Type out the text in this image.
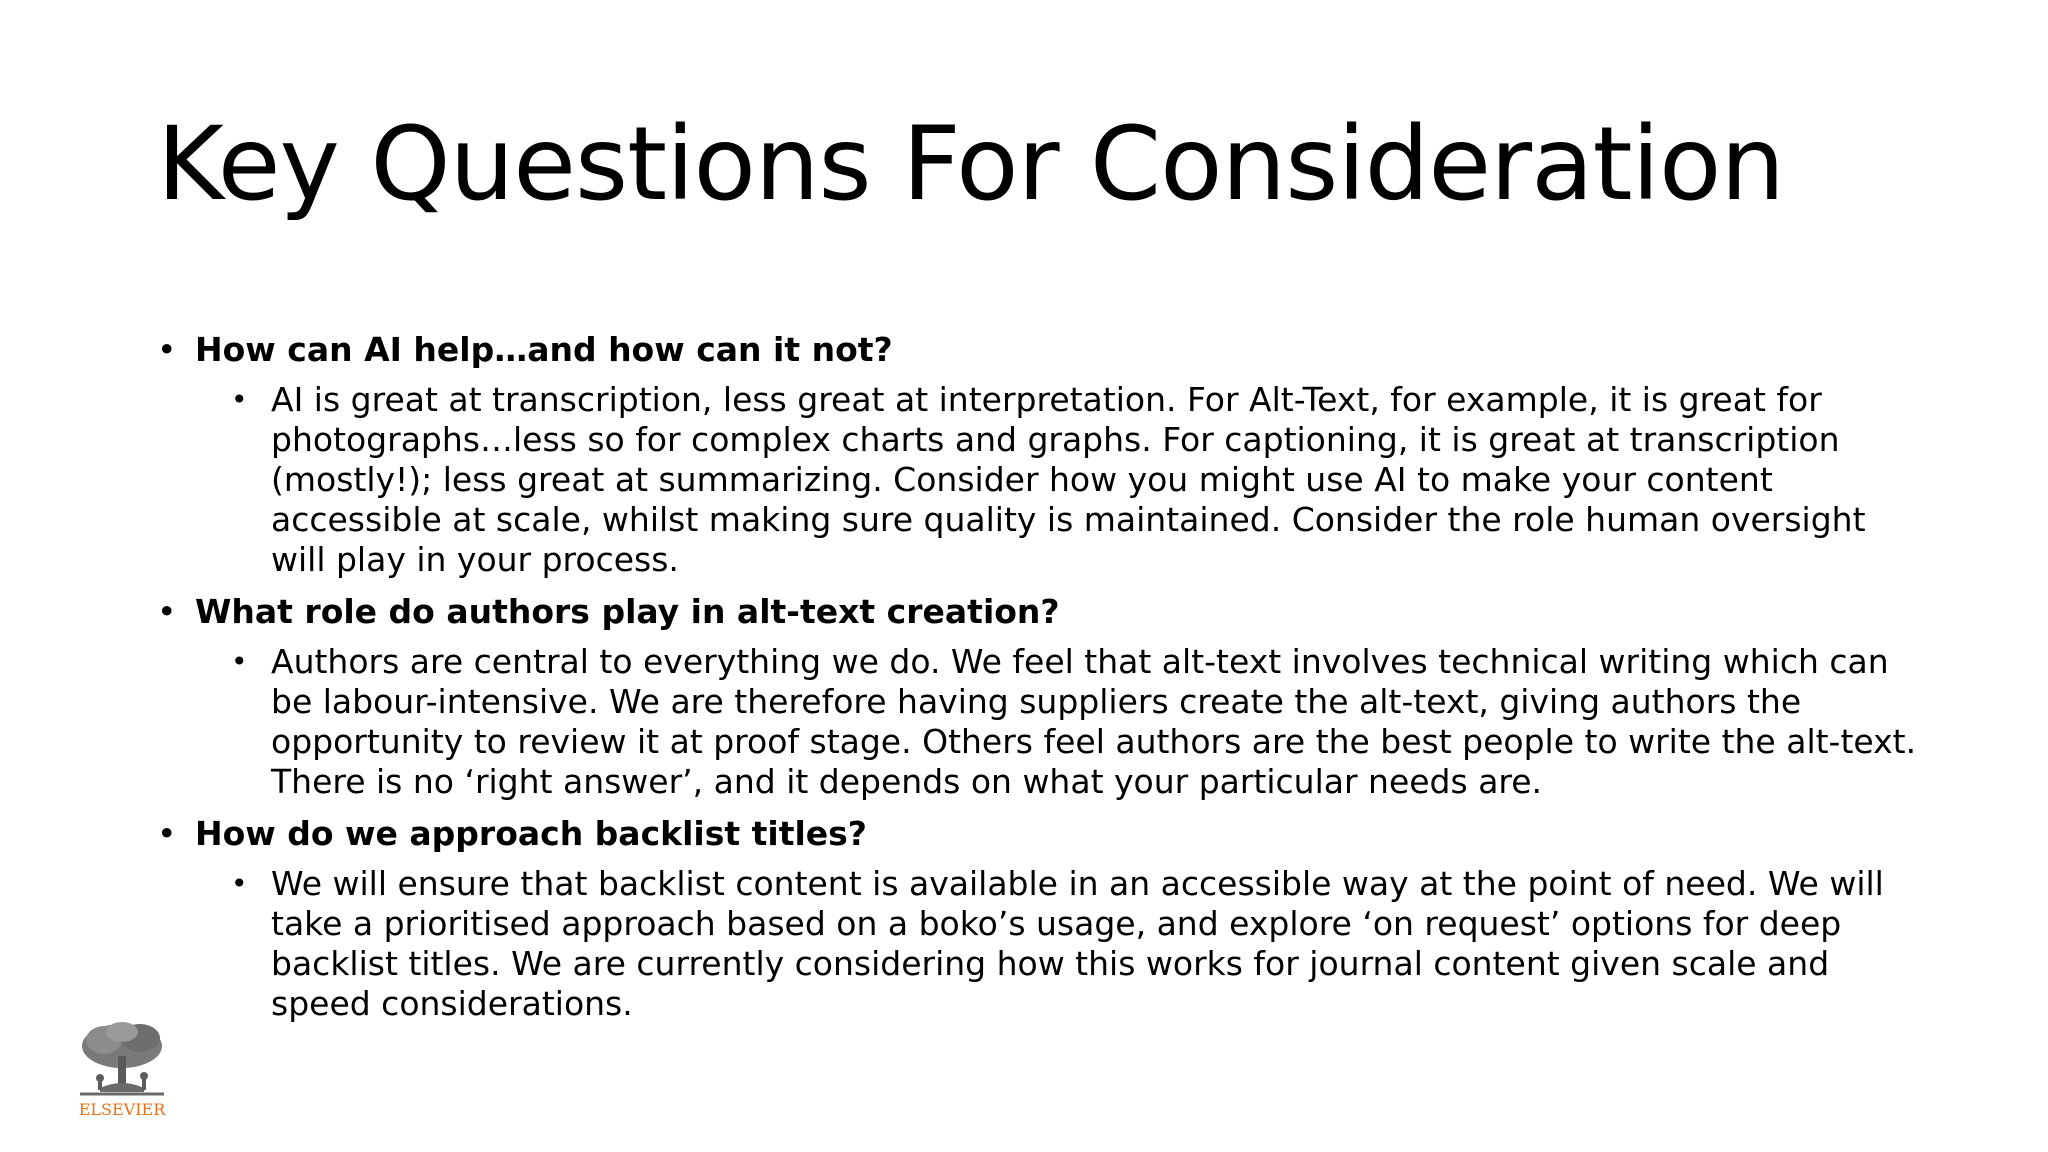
Key Questions For Consideration
• How can AI help…and how can it not?
• AI is great at transcription, less great at interpretation. For Alt-Text, for example, it is great for photographs…less so for complex charts and graphs. For captioning, it is great at transcription (mostly!); less great at summarizing. Consider how you might use AI to make your content accessible at scale, whilst making sure quality is maintained. Consider the role human oversight will play in your process.
• What role do authors play in alt-text creation?
• Authors are central to everything we do. We feel that alt-text involves technical writing which can be labour-intensive. We are therefore having suppliers create the alt-text, giving authors the opportunity to review it at proof stage. Others feel authors are the best people to write the alt-text. There is no ‘right answer’, and it depends on what your particular needs are.
• How do we approach backlist titles?
• We will ensure that backlist content is available in an accessible way at the point of need. We will take a prioritised approach based on a boko’s usage, and explore ‘on request’ options for deep backlist titles. We are currently considering how this works for journal content given scale and speed considerations.
ELSEVIER
